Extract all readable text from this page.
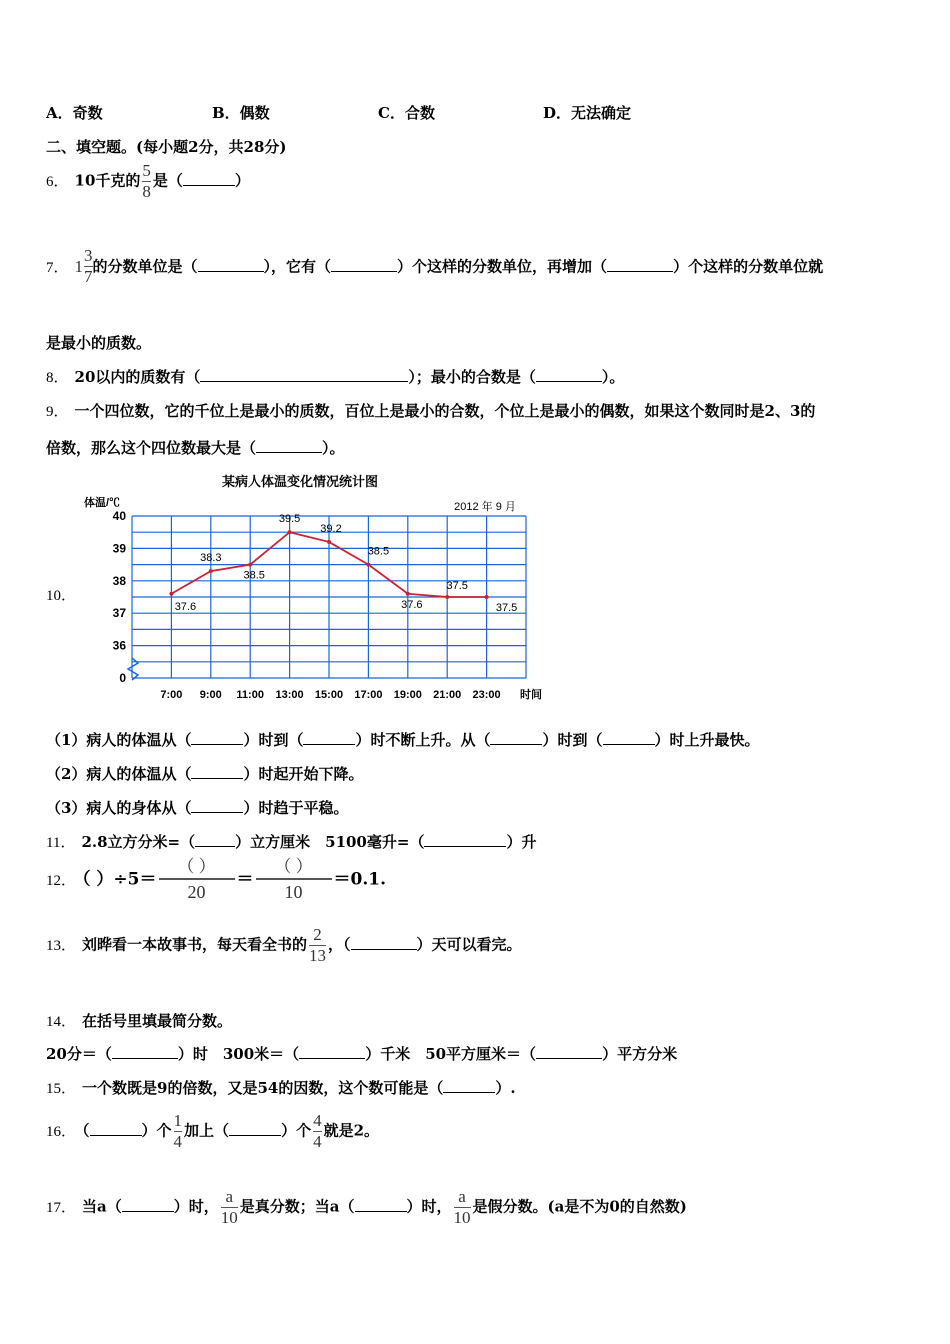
A．奇数	B．偶数	C．合数	D．无法确定
二、填空题。(每小题2分，共28分)
6． 10千克的 $\frac{5}{8}$ 是（	）
7． $1 \frac{3}{7}$ 的分数单位是（	），它有（	）个这样的分数单位，再增加（	）个这样的分数单位就
是最小的质数。
8． 20以内的质数有（	）；最小的合数是（	）。
9． 一个四位数，它的千位上是最小的质数，百位上是最小的合数，个位上是最小的偶数，如果这个数同时是2、3的
倍数，那么这个四位数最大是（	）。
10．
某病人体温变化情况统计图
2012 年 9 月
体温/℃
时间
40
39
38
37
36
0
7:00 9:00 11:00 13:00 15:00 17:00 19:00 21:00 23:00
37.6
38.3
38.5
39.5
39.2
38.5
37.6
37.5
37.5
（1）病人的体温从（	）时到（	）时不断上升。从（	）时到（	）时上升最快。
（2）病人的体温从（	）时起开始下降。
（3）病人的身体从（	）时趋于平稳。
11． 2.8立方分米=（	）立方厘米　5100毫升=（	）升
12． （ ）$\div 5= \frac{( )}{20} = \frac{( )}{10} =0.1$.
13． 刘晔看一本故事书，每天看全书的 $\frac{2}{13}$ ，（	）天可以看完。
14． 在括号里填最简分数。
20分＝（	）时　300米＝（	）千米　50平方厘米＝（	）平方分米
15． 一个数既是9的倍数，又是54的因数，这个数可能是（	）.
16． （	）个 $\frac{1}{4}$ 加上（	）个 $\frac{4}{4}$ 就是2。
17． 当a（	）时， $\frac{a}{10}$ 是真分数；当a（	）时， $\frac{a}{10}$ 是假分数。(a是不为0的自然数)
